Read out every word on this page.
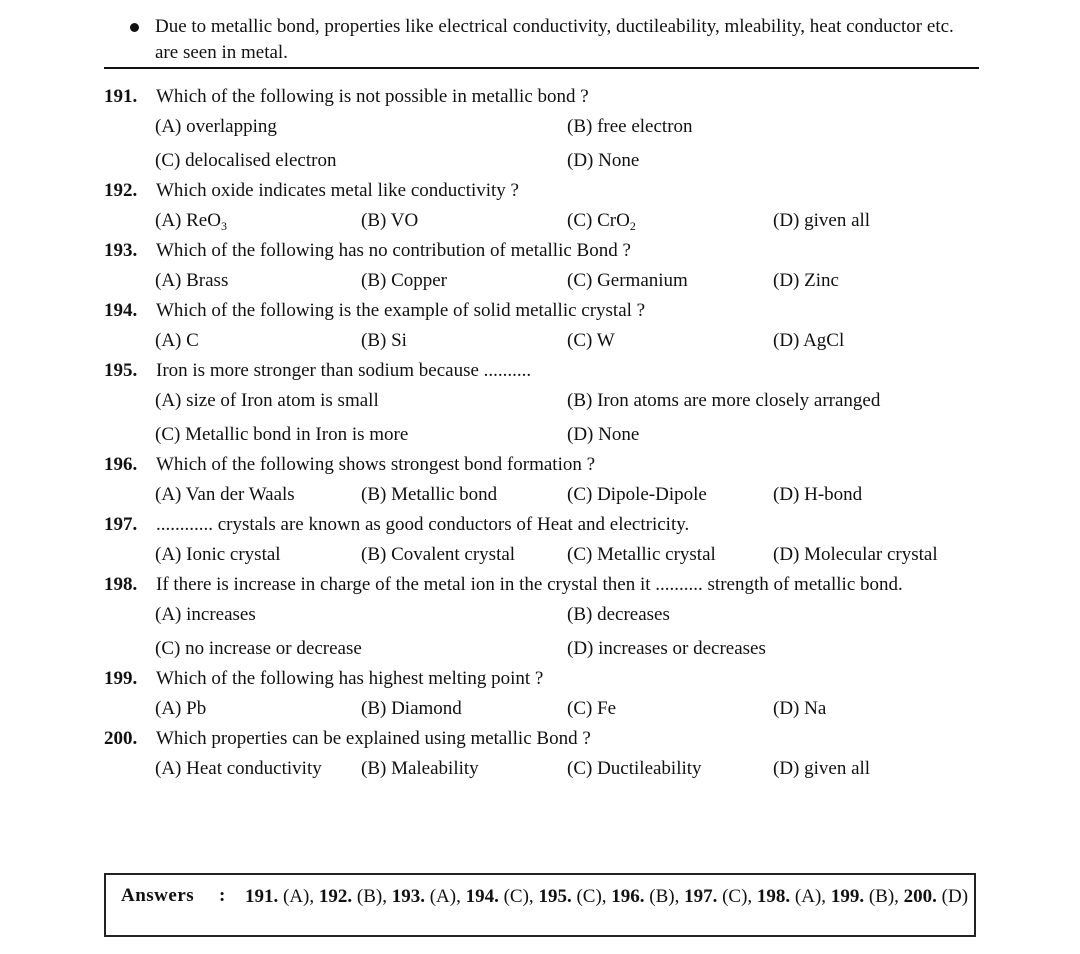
Due to metallic bond, properties like electrical conductivity, ductileability, mleability, heat conductor etc. are seen in metal.
191. Which of the following is not possible in metallic bond ?
(A) overlapping	(B) free electron
(C) delocalised electron	(D) None
192. Which oxide indicates metal like conductivity ?
(A) ReO$_3$	(B) VO	(C) CrO$_2$	(D) given all
193. Which of the following has no contribution of metallic Bond ?
(A) Brass	(B) Copper	(C) Germanium	(D) Zinc
194. Which of the following is the example of solid metallic crystal ?
(A) C	(B) Si	(C) W	(D) AgCl
195. Iron is more stronger than sodium because ..........
(A) size of Iron atom is small	(B) Iron atoms are more closely arranged
(C) Metallic bond in Iron is more	(D) None
196. Which of the following shows strongest bond formation ?
(A) Van der Waals	(B) Metallic bond	(C) Dipole-Dipole	(D) H-bond
197. ............ crystals are known as good conductors of Heat and electricity.
(A) Ionic crystal	(B) Covalent crystal	(C) Metallic crystal	(D) Molecular crystal
198. If there is increase in charge of the metal ion in the crystal then it .......... strength of metallic bond.
(A) increases	(B) decreases
(C) no increase or decrease	(D) increases or decreases
199. Which of the following has highest melting point ?
(A) Pb	(B) Diamond	(C) Fe	(D) Na
200. Which properties can be explained using metallic Bond ?
(A) Heat conductivity	(B) Maleability	(C) Ductileability	(D) given all
Answers : 191. (A), 192. (B), 193. (A), 194. (C), 195. (C), 196. (B), 197. (C), 198. (A), 199. (B), 200. (D)
